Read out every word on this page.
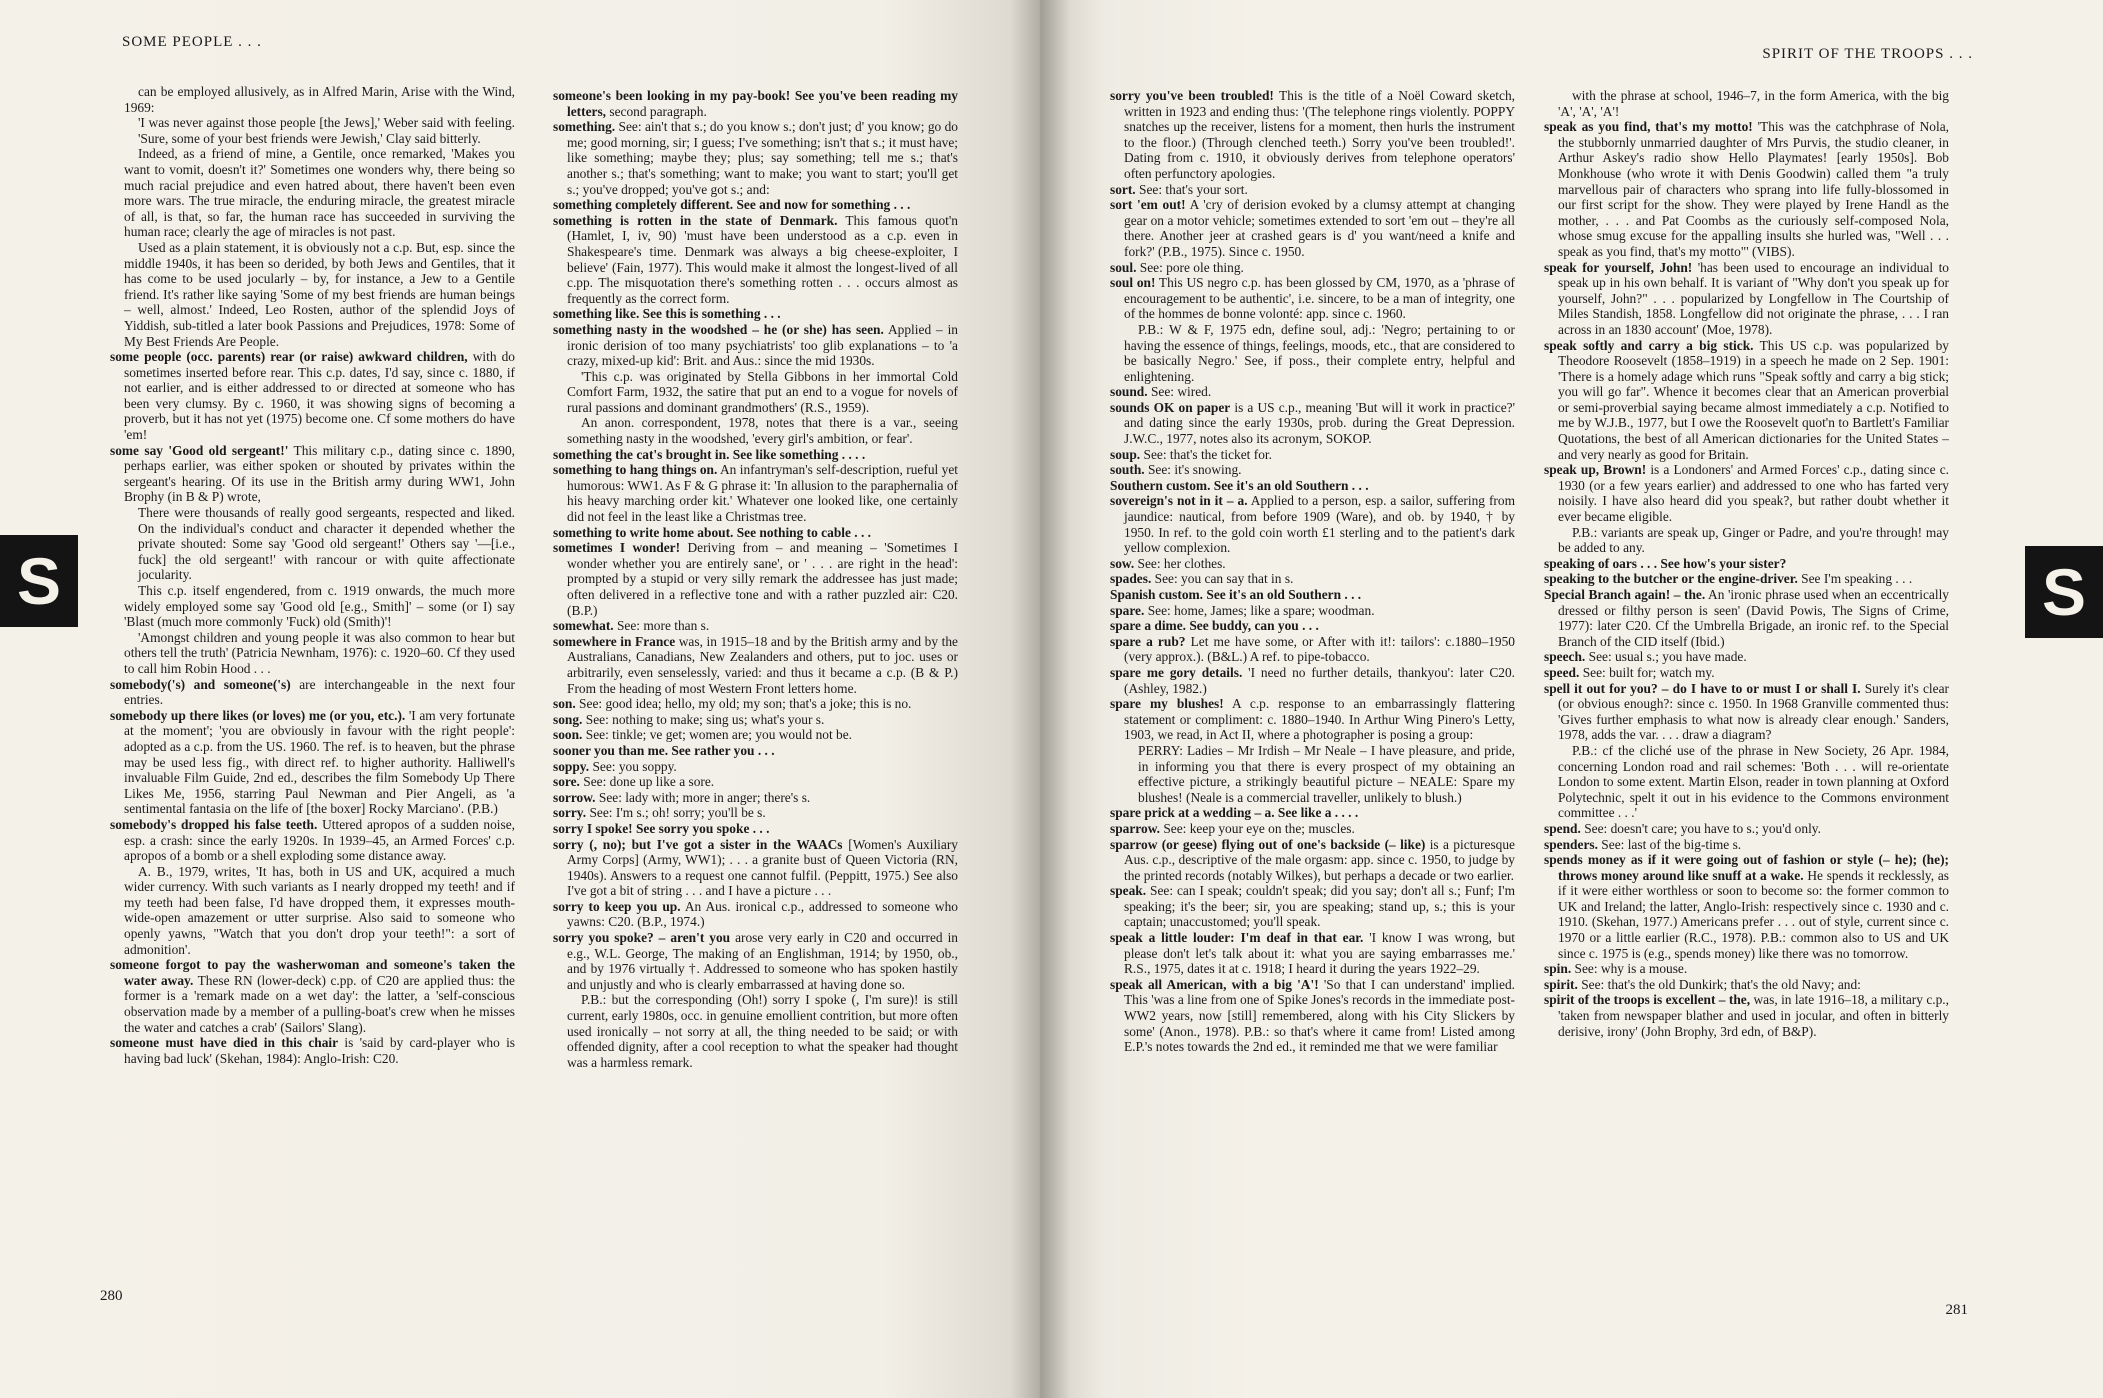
SOME PEOPLE . . .
S

can be employed allusively, as in Alfred Marin, Arise with the Wind, 1969:

'I was never against those people [the Jews],' Weber said with feeling. 'Sure, some of your best friends were Jewish,' Clay said bitterly.

Indeed, as a friend of mine, a Gentile, once remarked, 'Makes you want to vomit, doesn't it?' Sometimes one wonders why, there being so much racial prejudice and even hatred about, there haven't been even more wars. The true miracle, the enduring miracle, the greatest miracle of all, is that, so far, the human race has succeeded in surviving the human race; clearly the age of miracles is not past.

Used as a plain statement, it is obviously not a c.p. But, esp. since the middle 1940s, it has been so derided, by both Jews and Gentiles, that it has come to be used jocularly – by, for instance, a Jew to a Gentile friend. It's rather like saying 'Some of my best friends are human beings – well, almost.' Indeed, Leo Rosten, author of the splendid Joys of Yiddish, sub-titled a later book Passions and Prejudices, 1978: Some of My Best Friends Are People.

some people (occ. parents) rear (or raise) awkward children, with do sometimes inserted before rear. This c.p. dates, I'd say, since c. 1880, if not earlier, and is either addressed to or directed at someone who has been very clumsy. By c. 1960, it was showing signs of becoming a proverb, but it has not yet (1975) become one. Cf some mothers do have 'em!

some say 'Good old sergeant!' This military c.p., dating since c. 1890, perhaps earlier, was either spoken or shouted by privates within the sergeant's hearing. Of its use in the British army during WW1, John Brophy (in B & P) wrote,

There were thousands of really good sergeants, respected and liked. On the individual's conduct and character it depended whether the private shouted: Some say 'Good old sergeant!' Others say '—[i.e., fuck] the old sergeant!' with rancour or with quite affectionate jocularity.

This c.p. itself engendered, from c. 1919 onwards, the much more widely employed some say 'Good old [e.g., Smith]' – some (or I) say 'Blast (much more commonly 'Fuck) old (Smith)'!

'Amongst children and young people it was also common to hear but others tell the truth' (Patricia Newnham, 1976): c. 1920–60. Cf they used to call him Robin Hood . . .

somebody('s) and someone('s) are interchangeable in the next four entries.

somebody up there likes (or loves) me (or you, etc.). 'I am very fortunate at the moment'; 'you are obviously in favour with the right people': adopted as a c.p. from the US. 1960. The ref. is to heaven, but the phrase may be used less fig., with direct ref. to higher authority. Halliwell's invaluable Film Guide, 2nd ed., describes the film Somebody Up There Likes Me, 1956, starring Paul Newman and Pier Angeli, as 'a sentimental fantasia on the life of [the boxer] Rocky Marciano'. (P.B.)

somebody's dropped his false teeth. Uttered apropos of a sudden noise, esp. a crash: since the early 1920s. In 1939–45, an Armed Forces' c.p. apropos of a bomb or a shell exploding some distance away.

A. B., 1979, writes, 'It has, both in US and UK, acquired a much wider currency. With such variants as I nearly dropped my teeth! and if my teeth had been false, I'd have dropped them, it expresses mouth-wide-open amazement or utter surprise. Also said to someone who openly yawns, "Watch that you don't drop your teeth!": a sort of admonition'.

someone forgot to pay the washerwoman and someone's taken the water away. These RN (lower-deck) c.pp. of C20 are applied thus: the former is a 'remark made on a wet day': the latter, a 'self-conscious observation made by a member of a pulling-boat's crew when he misses the water and catches a crab' (Sailors' Slang).

someone must have died in this chair is 'said by card-player who is having bad luck' (Skehan, 1984): Anglo-Irish: C20.

someone's been looking in my pay-book! See you've been reading my letters, second paragraph.

something. See: ain't that s.; do you know s.; don't just; d' you know; go do me; good morning, sir; I guess; I've something; isn't that s.; it must have; like something; maybe they; plus; say something; tell me s.; that's another s.; that's something; want to make; you want to start; you'll get s.; you've dropped; you've got s.; and:

something completely different. See and now for something . . .

something is rotten in the state of Denmark. This famous quot'n (Hamlet, I, iv, 90) 'must have been understood as a c.p. even in Shakespeare's time. Denmark was always a big cheese-exploiter, I believe' (Fain, 1977). This would make it almost the longest-lived of all c.pp. The misquotation there's something rotten . . . occurs almost as frequently as the correct form.

something like. See this is something . . .

something nasty in the woodshed – he (or she) has seen. Applied – in ironic derision of too many psychiatrists' too glib explanations – to 'a crazy, mixed-up kid': Brit. and Aus.: since the mid 1930s.

'This c.p. was originated by Stella Gibbons in her immortal Cold Comfort Farm, 1932, the satire that put an end to a vogue for novels of rural passions and dominant grandmothers' (R.S., 1959).

An anon. correspondent, 1978, notes that there is a var., seeing something nasty in the woodshed, 'every girl's ambition, or fear'.

something the cat's brought in. See like something . . . .

something to hang things on. An infantryman's self-description, rueful yet humorous: WW1. As F & G phrase it: 'In allusion to the paraphernalia of his heavy marching order kit.' Whatever one looked like, one certainly did not feel in the least like a Christmas tree.

something to write home about. See nothing to cable . . .

sometimes I wonder! Deriving from – and meaning – 'Sometimes I wonder whether you are entirely sane', or ' . . . are right in the head': prompted by a stupid or very silly remark the addressee has just made; often delivered in a reflective tone and with a rather puzzled air: C20. (B.P.)

somewhat. See: more than s.

somewhere in France was, in 1915–18 and by the British army and by the Australians, Canadians, New Zealanders and others, put to joc. uses or arbitrarily, even senselessly, varied: and thus it became a c.p. (B & P.) From the heading of most Western Front letters home.

son. See: good idea; hello, my old; my son; that's a joke; this is no.

song. See: nothing to make; sing us; what's your s.

soon. See: tinkle; ve get; women are; you would not be.

sooner you than me. See rather you . . .

soppy. See: you soppy.

sore. See: done up like a sore.

sorrow. See: lady with; more in anger; there's s.

sorry. See: I'm s.; oh! sorry; you'll be s.

sorry I spoke! See sorry you spoke . . .

sorry (, no); but I've got a sister in the WAACs [Women's Auxiliary Army Corps] (Army, WW1); . . . a granite bust of Queen Victoria (RN, 1940s). Answers to a request one cannot fulfil. (Peppitt, 1975.) See also I've got a bit of string . . . and I have a picture . . .

sorry to keep you up. An Aus. ironical c.p., addressed to someone who yawns: C20. (B.P., 1974.)

sorry you spoke? – aren't you arose very early in C20 and occurred in e.g., W.L. George, The making of an Englishman, 1914; by 1950, ob., and by 1976 virtually †. Addressed to someone who has spoken hastily and unjustly and who is clearly embarrassed at having done so.

P.B.: but the corresponding (Oh!) sorry I spoke (, I'm sure)! is still current, early 1980s, occ. in genuine emollient contrition, but more often used ironically – not sorry at all, the thing needed to be said; or with offended dignity, after a cool reception to what the speaker had thought was a harmless remark.

280
SPIRIT OF THE TROOPS . . .
S
281

sorry you've been troubled! This is the title of a Noël Coward sketch, written in 1923 and ending thus: '(The telephone rings violently. POPPY snatches up the receiver, listens for a moment, then hurls the instrument to the floor.) (Through clenched teeth.) Sorry you've been troubled!'. Dating from c. 1910, it obviously derives from telephone operators' often perfunctory apologies.

sort. See: that's your sort.

sort 'em out! A 'cry of derision evoked by a clumsy attempt at changing gear on a motor vehicle; sometimes extended to sort 'em out – they're all there. Another jeer at crashed gears is d' you want/need a knife and fork?' (P.B., 1975). Since c. 1950.

soul. See: pore ole thing.

soul on! This US negro c.p. has been glossed by CM, 1970, as a 'phrase of encouragement to be authentic', i.e. sincere, to be a man of integrity, one of the hommes de bonne volonté: app. since c. 1960.

P.B.: W & F, 1975 edn, define soul, adj.: 'Negro; pertaining to or having the essence of things, feelings, moods, etc., that are considered to be basically Negro.' See, if poss., their complete entry, helpful and enlightening.

sound. See: wired.

sounds OK on paper is a US c.p., meaning 'But will it work in practice?' and dating since the early 1930s, prob. during the Great Depression. J.W.C., 1977, notes also its acronym, SOKOP.

soup. See: that's the ticket for.

south. See: it's snowing.

Southern custom. See it's an old Southern . . .

sovereign's not in it – a. Applied to a person, esp. a sailor, suffering from jaundice: nautical, from before 1909 (Ware), and ob. by 1940, † by 1950. In ref. to the gold coin worth £1 sterling and to the patient's dark yellow complexion.

sow. See: her clothes.

spades. See: you can say that in s.

Spanish custom. See it's an old Southern . . .

spare. See: home, James; like a spare; woodman.

spare a dime. See buddy, can you . . .

spare a rub? Let me have some, or After with it!: tailors': c.1880–1950 (very approx.). (B&L.) A ref. to pipe-tobacco.

spare me gory details. 'I need no further details, thankyou': later C20. (Ashley, 1982.)

spare my blushes! A c.p. response to an embarrassingly flattering statement or compliment: c. 1880–1940. In Arthur Wing Pinero's Letty, 1903, we read, in Act II, where a photographer is posing a group:

PERRY: Ladies – Mr Irdish – Mr Neale – I have pleasure, and pride, in informing you that there is every prospect of my obtaining an effective picture, a strikingly beautiful picture – NEALE: Spare my blushes! (Neale is a commercial traveller, unlikely to blush.)

spare prick at a wedding – a. See like a . . . .

sparrow. See: keep your eye on the; muscles.

sparrow (or geese) flying out of one's backside (– like) is a picturesque Aus. c.p., descriptive of the male orgasm: app. since c. 1950, to judge by the printed records (notably Wilkes), but perhaps a decade or two earlier.

speak. See: can I speak; couldn't speak; did you say; don't all s.; Funf; I'm speaking; it's the beer; sir, you are speaking; stand up, s.; this is your captain; unaccustomed; you'll speak.

speak a little louder: I'm deaf in that ear. 'I know I was wrong, but please don't let's talk about it: what you are saying embarrasses me.' R.S., 1975, dates it at c. 1918; I heard it during the years 1922–29.

speak all American, with a big 'A'! 'So that I can understand' implied. This 'was a line from one of Spike Jones's records in the immediate post-WW2 years, now [still] remembered, along with his City Slickers by some' (Anon., 1978). P.B.: so that's where it came from! Listed among E.P.'s notes towards the 2nd ed., it reminded me that we were familiar

with the phrase at school, 1946–7, in the form America, with the big 'A', 'A', 'A'!

speak as you find, that's my motto! 'This was the catchphrase of Nola, the stubbornly unmarried daughter of Mrs Purvis, the studio cleaner, in Arthur Askey's radio show Hello Playmates! [early 1950s]. Bob Monkhouse (who wrote it with Denis Goodwin) called them "a truly marvellous pair of characters who sprang into life fully-blossomed in our first script for the show. They were played by Irene Handl as the mother, . . . and Pat Coombs as the curiously self-composed Nola, whose smug excuse for the appalling insults she hurled was, "Well . . . speak as you find, that's my motto"' (VIBS).

speak for yourself, John! 'has been used to encourage an individual to speak up in his own behalf. It is variant of "Why don't you speak up for yourself, John?" . . . popularized by Longfellow in The Courtship of Miles Standish, 1858. Longfellow did not originate the phrase, . . . I ran across in an 1830 account' (Moe, 1978).

speak softly and carry a big stick. This US c.p. was popularized by Theodore Roosevelt (1858–1919) in a speech he made on 2 Sep. 1901: 'There is a homely adage which runs "Speak softly and carry a big stick; you will go far". Whence it becomes clear that an American proverbial or semi-proverbial saying became almost immediately a c.p. Notified to me by W.J.B., 1977, but I owe the Roosevelt quot'n to Bartlett's Familiar Quotations, the best of all American dictionaries for the United States – and very nearly as good for Britain.

speak up, Brown! is a Londoners' and Armed Forces' c.p., dating since c. 1930 (or a few years earlier) and addressed to one who has farted very noisily. I have also heard did you speak?, but rather doubt whether it ever became eligible.

P.B.: variants are speak up, Ginger or Padre, and you're through! may be added to any.

speaking of oars . . . See how's your sister?

speaking to the butcher or the engine-driver. See I'm speaking . . .

Special Branch again! – the. An 'ironic phrase used when an eccentrically dressed or filthy person is seen' (David Powis, The Signs of Crime, 1977): later C20. Cf the Umbrella Brigade, an ironic ref. to the Special Branch of the CID itself (Ibid.)

speech. See: usual s.; you have made.

speed. See: built for; watch my.

spell it out for you? – do I have to or must I or shall I. Surely it's clear (or obvious enough?: since c. 1950. In 1968 Granville commented thus: 'Gives further emphasis to what now is already clear enough.' Sanders, 1978, adds the var. . . . draw a diagram?

P.B.: cf the cliché use of the phrase in New Society, 26 Apr. 1984, concerning London road and rail schemes: 'Both . . . will re-orientate London to some extent. Martin Elson, reader in town planning at Oxford Polytechnic, spelt it out in his evidence to the Commons environment committee . . .'

spend. See: doesn't care; you have to s.; you'd only.

spenders. See: last of the big-time s.

spends money as if it were going out of fashion or style (– he); (he); throws money around like snuff at a wake. He spends it recklessly, as if it were either worthless or soon to become so: the former common to UK and Ireland; the latter, Anglo-Irish: respectively since c. 1930 and c. 1910. (Skehan, 1977.) Americans prefer . . . out of style, current since c. 1970 or a little earlier (R.C., 1978). P.B.: common also to US and UK since c. 1975 is (e.g., spends money) like there was no tomorrow.

spin. See: why is a mouse.

spirit. See: that's the old Dunkirk; that's the old Navy; and:

spirit of the troops is excellent – the, was, in late 1916–18, a military c.p., 'taken from newspaper blather and used in jocular, and often in bitterly derisive, irony' (John Brophy, 3rd edn, of B&P).
